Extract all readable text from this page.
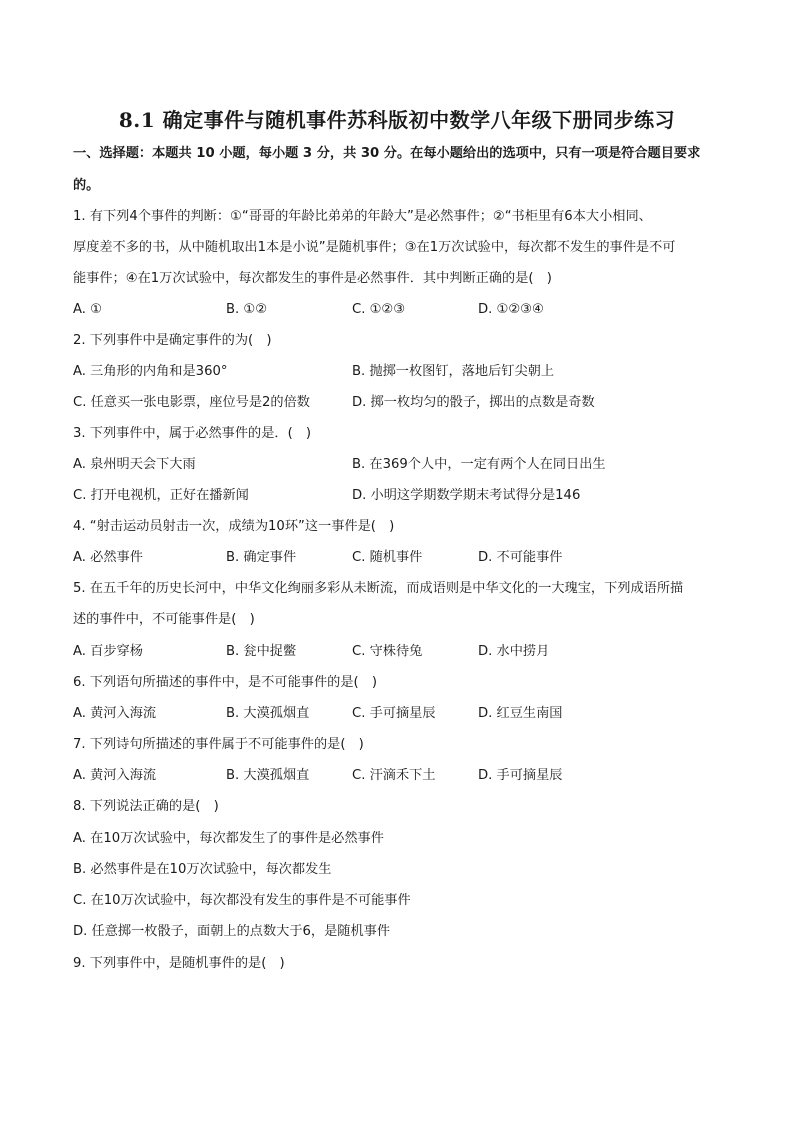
8.1 确定事件与随机事件苏科版初中数学八年级下册同步练习
一、选择题：本题共 10 小题，每小题 3 分，共 30 分。在每小题给出的选项中，只有一项是符合题目要求
的。
1. 有下列4个事件的判断：①“哥哥的年龄比弟弟的年龄大”是必然事件；②“书柜里有6本大小相同、
厚度差不多的书，从中随机取出1本是小说”是随机事件；③在1万次试验中，每次都不发生的事件是不可
能事件；④在1万次试验中，每次都发生的事件是必然事件．其中判断正确的是(　)
A. ①	B. ①②	C. ①②③	D. ①②③④
2. 下列事件中是确定事件的为(　)
A. 三角形的内角和是360°	B. 抛掷一枚图钉，落地后钉尖朝上
C. 任意买一张电影票，座位号是2的倍数	D. 掷一枚均匀的骰子，掷出的点数是奇数
3. 下列事件中，属于必然事件的是．(　)
A. 泉州明天会下大雨	B. 在369个人中，一定有两个人在同日出生
C. 打开电视机，正好在播新闻	D. 小明这学期数学期末考试得分是146
4. “射击运动员射击一次，成绩为10环”这一事件是(　)
A. 必然事件	B. 确定事件	C. 随机事件	D. 不可能事件
5. 在五千年的历史长河中，中华文化绚丽多彩从未断流，而成语则是中华文化的一大瑰宝，下列成语所描
述的事件中，不可能事件是(　)
A. 百步穿杨	B. 瓮中捉鳖	C. 守株待兔	D. 水中捞月
6. 下列语句所描述的事件中，是不可能事件的是(　)
A. 黄河入海流	B. 大漠孤烟直	C. 手可摘星辰	D. 红豆生南国
7. 下列诗句所描述的事件属于不可能事件的是(　)
A. 黄河入海流	B. 大漠孤烟直	C. 汗滴禾下土	D. 手可摘星辰
8. 下列说法正确的是(　)
A. 在10万次试验中，每次都发生了的事件是必然事件
B. 必然事件是在10万次试验中，每次都发生
C. 在10万次试验中，每次都没有发生的事件是不可能事件
D. 任意掷一枚骰子，面朝上的点数大于6，是随机事件
9. 下列事件中，是随机事件的是(　)
